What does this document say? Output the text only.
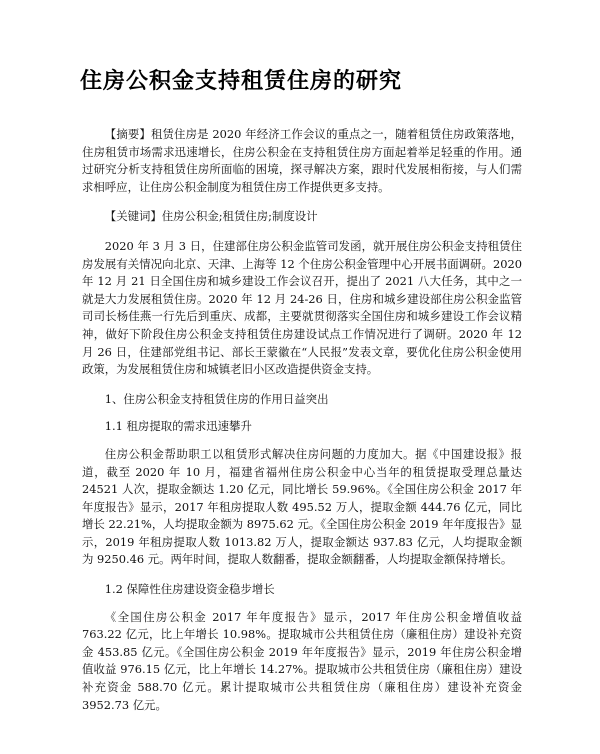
住房公积金支持租赁住房的研究

【摘要】租赁住房是 2020 年经济工作会议的重点之一，随着租赁住房政策落地，住房租赁市场需求迅速增长，住房公积金在支持租赁住房方面起着举足轻重的作用。通过研究分析支持租赁住房所面临的困境，探寻解决方案，跟时代发展相衔接，与人们需求相呼应，让住房公积金制度为租赁住房工作提供更多支持。

【关键词】住房公积金;租赁住房;制度设计

2020 年 3 月 3 日，住建部住房公积金监管司发函，就开展住房公积金支持租赁住房发展有关情况向北京、天津、上海等 12 个住房公积金管理中心开展书面调研。2020 年 12 月 21 日全国住房和城乡建设工作会议召开，提出了 2021 八大任务，其中之一就是大力发展租赁住房。2020 年 12 月 24-26 日，住房和城乡建设部住房公积金监管司司长杨佳燕一行先后到重庆、成都，主要就贯彻落实全国住房和城乡建设工作会议精神，做好下阶段住房公积金支持租赁住房建设试点工作情况进行了调研。2020 年 12 月 26 日，住建部党组书记、部长王蒙徽在“人民报”发表文章，要优化住房公积金使用政策，为发展租赁住房和城镇老旧小区改造提供资金支持。

1、住房公积金支持租赁住房的作用日益突出

1.1 租房提取的需求迅速攀升

住房公积金帮助职工以租赁形式解决住房问题的力度加大。据《中国建设报》报道，截至 2020 年 10 月，福建省福州住房公积金中心当年的租赁提取受理总量达 24521 人次，提取金额达 1.20 亿元，同比增长 59.96%。《全国住房公积金 2017 年年度报告》显示，2017 年租房提取人数 495.52 万人，提取金额 444.76 亿元，同比增长 22.21%，人均提取金额为 8975.62 元。《全国住房公积金 2019 年年度报告》显示，2019 年租房提取人数 1013.82 万人，提取金额达 937.83 亿元，人均提取金额为 9250.46 元。两年时间，提取人数翻番，提取金额翻番，人均提取金额保持增长。

1.2 保障性住房建设资金稳步增长

《全国住房公积金 2017 年年度报告》显示，2017 年住房公积金增值收益 763.22 亿元，比上年增长 10.98%。提取城市公共租赁住房（廉租住房）建设补充资金 453.85 亿元。《全国住房公积金 2019 年年度报告》显示，2019 年住房公积金增值收益 976.15 亿元，比上年增长 14.27%。提取城市公共租赁住房（廉租住房）建设补充资金 588.70 亿元。累计提取城市公共租赁住房（廉租住房）建设补充资金 3952.73 亿元。
